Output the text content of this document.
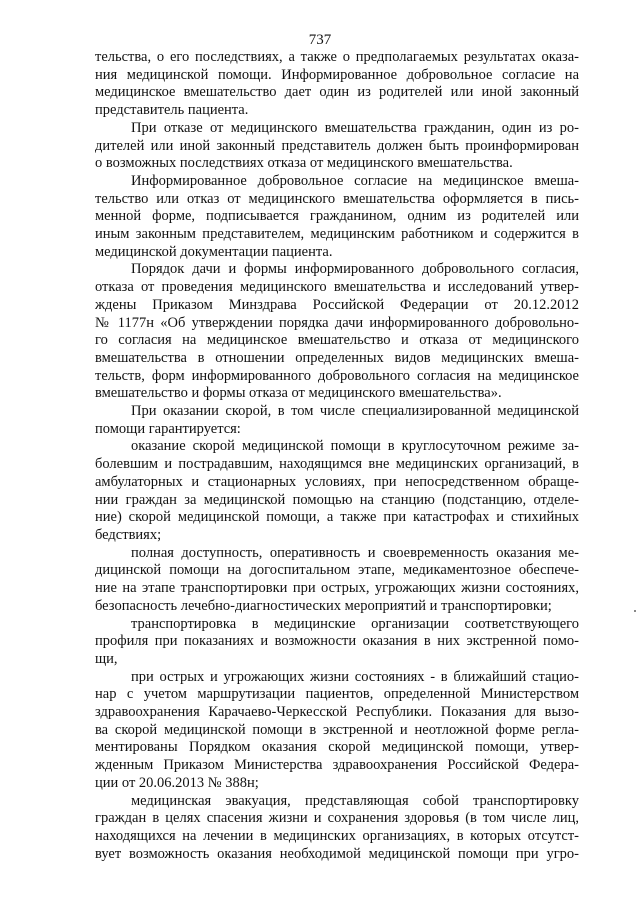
737
тельства, о его последствиях, а также о предполагаемых результатах оказа-
ния медицинской помощи. Информированное добровольное согласие на
медицинское вмешательство дает один из родителей или иной законный
представитель пациента.
При отказе от медицинского вмешательства гражданин, один из ро-
дителей или иной законный представитель должен быть проинформирован
о возможных последствиях отказа от медицинского вмешательства.
Информированное добровольное согласие на медицинское вмеша-
тельство или отказ от медицинского вмешательства оформляется в пись-
менной форме, подписывается гражданином, одним из родителей или
иным законным представителем, медицинским работником и содержится в
медицинской документации пациента.
Порядок дачи и формы информированного добровольного согласия,
отказа от проведения медицинского вмешательства и исследований утвер-
ждены Приказом Минздрава Российской Федерации от 20.12.2012
№ 1177н «Об утверждении порядка дачи информированного добровольно-
го согласия на медицинское вмешательство и отказа от медицинского
вмешательства в отношении определенных видов медицинских вмеша-
тельств, форм информированного добровольного согласия на медицинское
вмешательство и формы отказа от медицинского вмешательства».
При оказании скорой, в том числе специализированной медицинской
помощи гарантируется:
оказание скорой медицинской помощи в круглосуточном режиме за-
болевшим и пострадавшим, находящимся вне медицинских организаций, в
амбулаторных и стационарных условиях, при непосредственном обраще-
нии граждан за медицинской помощью на станцию (подстанцию, отделе-
ние) скорой медицинской помощи, а также при катастрофах и стихийных
бедствиях;
полная доступность, оперативность и своевременность оказания ме-
дицинской помощи на догоспитальном этапе, медикаментозное обеспече-
ние на этапе транспортировки при острых, угрожающих жизни состояниях,
безопасность лечебно-диагностических мероприятий и транспортировки;
транспортировка в медицинские организации соответствующего
профиля при показаниях и возможности оказания в них экстренной помо-
щи,
при острых и угрожающих жизни состояниях - в ближайший стацио-
нар с учетом маршрутизации пациентов, определенной Министерством
здравоохранения Карачаево-Черкесской Республики. Показания для вызо-
ва скорой медицинской помощи в экстренной и неотложной форме регла-
ментированы Порядком оказания скорой медицинской помощи, утвер-
жденным Приказом Министерства здравоохранения Российской Федера-
ции от 20.06.2013 № 388н;
медицинская эвакуация, представляющая собой транспортировку
граждан в целях спасения жизни и сохранения здоровья (в том числе лиц,
находящихся на лечении в медицинских организациях, в которых отсутст-
вует возможность оказания необходимой медицинской помощи при угро-
